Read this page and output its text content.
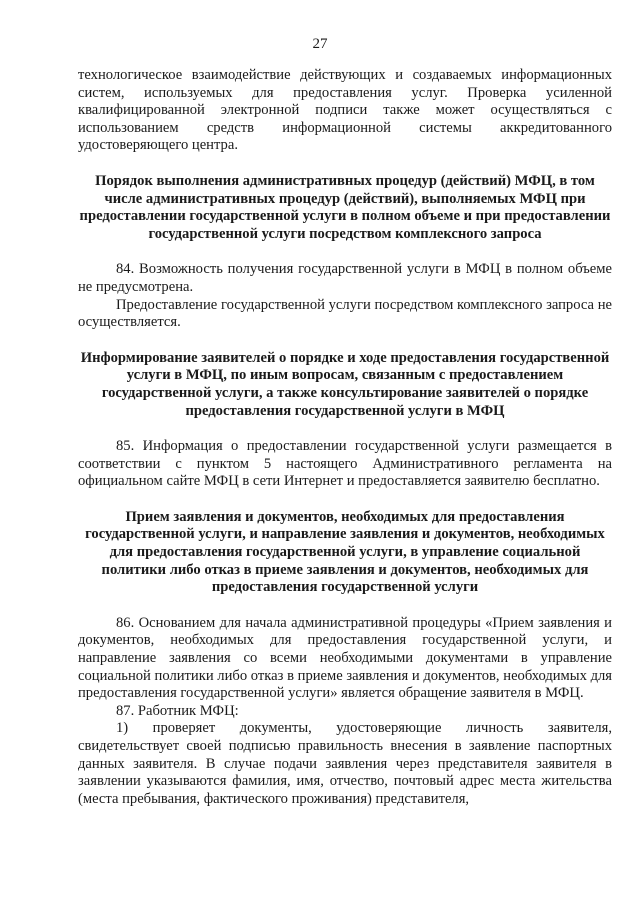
27

технологическое взаимодействие действующих и создаваемых информационных систем, используемых для предоставления услуг. Проверка усиленной квалифицированной электронной подписи также может осуществляться с использованием средств информационной системы аккредитованного удостоверяющего центра.

Порядок выполнения административных процедур (действий) МФЦ, в том числе административных процедур (действий), выполняемых МФЦ при предоставлении государственной услуги в полном объеме и при предоставлении государственной услуги посредством комплексного запроса

84. Возможность получения государственной услуги в МФЦ в полном объеме не предусмотрена.

Предоставление государственной услуги посредством комплексного запроса не осуществляется.

Информирование заявителей о порядке и ходе предоставления государственной услуги в МФЦ, по иным вопросам, связанным с предоставлением государственной услуги, а также консультирование заявителей о порядке предоставления государственной услуги в МФЦ

85. Информация о предоставлении государственной услуги размещается в соответствии с пунктом 5 настоящего Административного регламента на официальном сайте МФЦ в сети Интернет и предоставляется заявителю бесплатно.

Прием заявления и документов, необходимых для предоставления государственной услуги, и направление заявления и документов, необходимых для предоставления государственной услуги, в управление социальной политики либо отказ в приеме заявления и документов, необходимых для предоставления государственной услуги

86. Основанием для начала административной процедуры «Прием заявления и документов, необходимых для предоставления государственной услуги, и направление заявления со всеми необходимыми документами в управление социальной политики либо отказ в приеме заявления и документов, необходимых для предоставления государственной услуги» является обращение заявителя в МФЦ.

87. Работник МФЦ:

1) проверяет документы, удостоверяющие личность заявителя, свидетельствует своей подписью правильность внесения в заявление паспортных данных заявителя. В случае подачи заявления через представителя заявителя в заявлении указываются фамилия, имя, отчество, почтовый адрес места жительства (места пребывания, фактического проживания) представителя,
